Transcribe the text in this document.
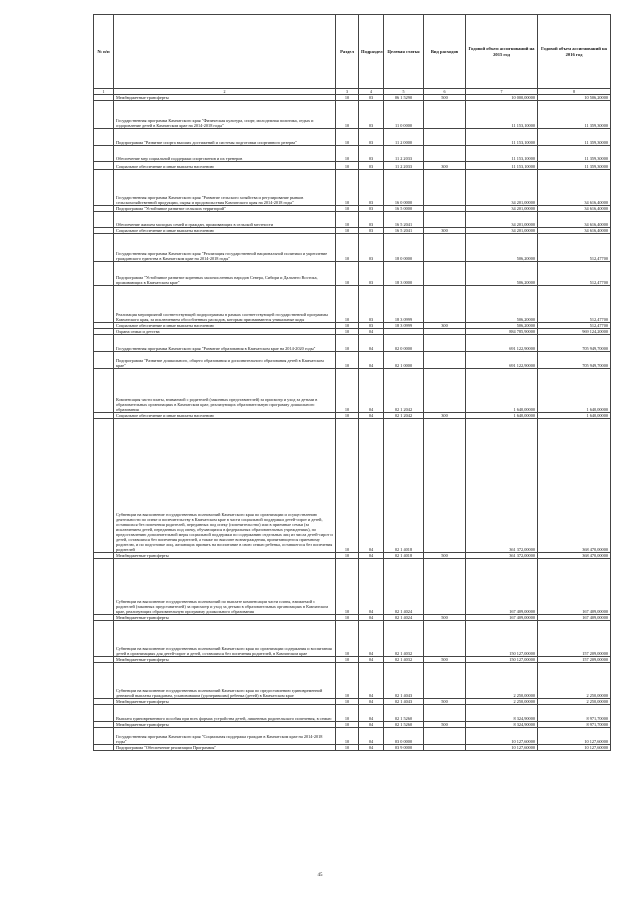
№ п/п		Раздел	Подраздел	Целевая статья	Вид расходов	Годовой объем ассигнований на 2015 год	Годовой объем ассигнований на 2016 год
1	2	3	4	5	6	7	8
	Межбюджетные трансферты	10	03	06 1 5290	500	10 000,00000	10 506,20000
	Государственная программа Камчатского края "Физическая культура, спорт, молодежная политика, отдых и оздоровление детей в Камчатском крае на 2014-2018 годы"	10	03	11 0 0000		11 153,10000	11 359,30000
	Подпрограмма "Развитие спорта высших достижений и системы подготовки спортивного резерва"	10	03	11 2 0000		11 153,10000	11 359,30000
	Обеспечение мер социальной поддержки спортсменов и их тренеров	10	03	11 2 2033		11 153,10000	11 359,30000
	Социальное обеспечение и иные выплаты населению	10	03	11 2 2033	300	11 153,10000	11 359,30000
	Государственная программа Камчатского края "Развитие сельского хозяйства и регулирование рынков сельскохозяйственной продукции, сырья и продовольствия Камчатского края на 2014-2018 годы"	10	03	16 0 0000		34 201,00000	34 616,40000
	Подпрограмма "Устойчивое развитие сельских территорий"	10	03	16 5 0000		34 201,00000	34 616,40000
	Обеспечение жильем молодых семей и граждан, проживающих в сельской местности	10	03	16 5 2041		34 201,00000	34 616,40000
	Социальное обеспечение и иные выплаты населению	10	03	16 5 2041	300	34 201,00000	34 616,40000
	Государственная программа Камчатского края "Реализация государственной национальной политики и укрепление гражданского единства в Камчатском крае на 2014-2018 годы"	10	03	18 0 0000		506,20000	512,47700
	Подпрограмма "Устойчивое развитие коренных малочисленных народов Севера, Сибири и Дальнего Востока, проживающих в Камчатском крае"	10	03	18 3 0000		506,20000	512,47700
	Реализация мероприятий соответствующей подпрограммы в рамках соответствующей государственной программы Камчатского края, за исключением обособленных расходов, которым присваиваются уникальные коды	10	03	18 3 0999		506,20000	512,47700
	Социальное обеспечение и иные выплаты населению	10	03	18 3 0999	300	506,20000	512,47700
	Охрана семьи и детства	10	04			884 785,90000	969 124,20000
	Государственная программа Камчатского края "Развитие образования в Камчатском крае на 2014-2020 годы"	10	04	02 0 0000		691 122,90000	705 949,70000
	Подпрограмма "Развитие дошкольного, общего образования и дополнительного образования детей в Камчатском крае"	10	04	02 1 0000		691 122,90000	705 949,70000
	Компенсация части платы, взимаемой с родителей (законных представителей) за присмотр и уход за детьми в образовательных организациях в Камчатском крае, реализующих образовательную программу дошкольного образования	10	04	02 1 2042		1 640,00000	1 640,00000
	Социальное обеспечение и иные выплаты населению	10	04	02 1 2042	300	1 640,00000	1 640,00000
	Субвенции на выполнение государственных полномочий Камчатского края по организации и осуществлению деятельности по опеке и попечительству в Камчатском крае в части социальной поддержки детей-сирот и детей, оставшихся без попечения родителей, переданных под опеку (попечительство) или в приемные семьи (за исключением детей, переданных под опеку, обучающихся в федеральных образовательных учреждениях), по предоставлению дополнительной меры социальной поддержки по содержанию отдельных лиц из числа детей-сирот и детей, оставшихся без попечения родителей, а также по выплате вознаграждения, причитающегося приемному родителю, и по подготовке лиц, желающих принять на воспитание в свою семью ребенка, оставшегося без попечения родителей	10	04	02 1 4018		361 372,00000	368 470,00000
	Межбюджетные трансферты	10	04	02 1 4018	500	361 372,00000	368 470,00000
	Субвенции на выполнение государственных полномочий по выплате компенсации части платы, взимаемой с родителей (законных представителей) за присмотр и уход за детьми в образовательных организациях в Камчатском крае, реализующих образовательную программу дошкольного образования	10	04	02 1 4024		167 409,00000	167 409,00000
	Межбюджетные трансферты	10	04	02 1 4024	500	167 409,00000	167 409,00000
	Субвенции на выполнение государственных полномочий Камчатского края по организации содержания и воспитания детей в организациях для детей-сирот и детей, оставшихся без попечения родителей, в Камчатском крае	10	04	02 1 4032		150 127,00000	157 209,00000
	Межбюджетные трансферты	10	04	02 1 4032	500	150 127,00000	157 209,00000
	Субвенции на выполнение государственных полномочий Камчатского края по предоставлению единовременной денежной выплаты гражданам, усыновившим (удочерившим) ребенка (детей) в Камчатском крае	10	04	02 1 4043		2 250,00000	2 250,00000
	Межбюджетные трансферты	10	04	02 1 4043	500	2 250,00000	2 250,00000
	Выплата единовременного пособия при всех формах устройства детей, лишенных родительского попечения, в семью	10	04	02 1 5260		8 324,90000	8 971,70000
	Межбюджетные трансферты	10	04	02 1 5260	500	8 324,90000	8 971,70000
	Государственная программа Камчатского края "Социальная поддержка граждан в Камчатском крае на 2014-2018 годы"	10	04	03 0 0000		10 127,60000	10 127,60000
	Подпрограмма "Обеспечение реализации Программы"	10	04	03 9 0000		10 127,60000	10 127,60000
45
